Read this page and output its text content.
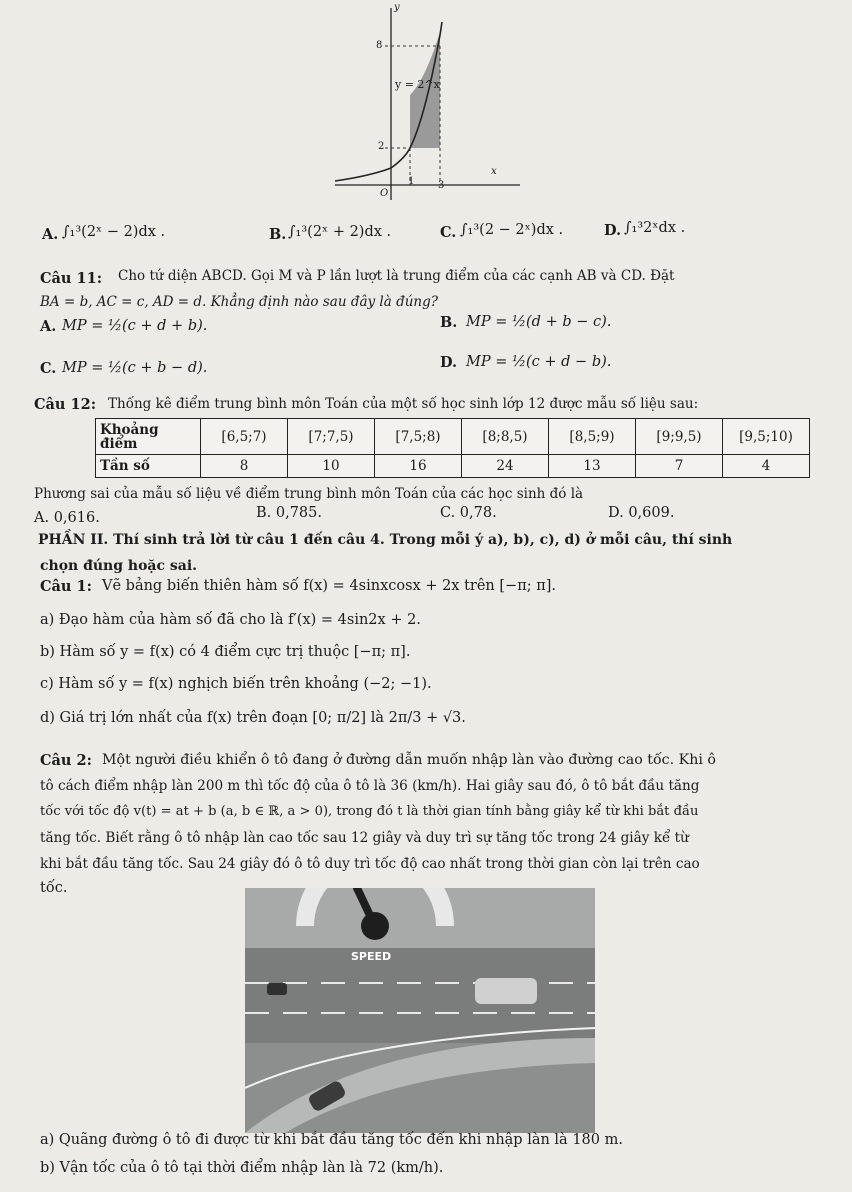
y
8
y = 2^x
2
x
O
1 3
A. ∫₁³(2ˣ − 2)dx .	B. ∫₁³(2ˣ + 2)dx .	C. ∫₁³(2 − 2ˣ)dx .	D. ∫₁³2ˣdx .
Câu 11: Cho tứ diện ABCD. Gọi M và P lần lượt là trung điểm của các cạnh AB và CD. Đặt
BA = b, AC = c, AD = d. Khẳng định nào sau đây là đúng?
A. MP = ½(c + d + b).	B. MP = ½(d + b − c).
C. MP = ½(c + b − d).	D. MP = ½(c + d − b).
Câu 12: Thống kê điểm trung bình môn Toán của một số học sinh lớp 12 được mẫu số liệu sau:
Khoảng điểm	[6,5;7)	[7;7,5)	[7,5;8)	[8;8,5)	[8,5;9)	[9;9,5)	[9,5;10)
Tần số	8	10	16	24	13	7	4
Phương sai của mẫu số liệu về điểm trung bình môn Toán của các học sinh đó là
A. 0,616.	B. 0,785.	C. 0,78.	D. 0,609.
PHẦN II. Thí sinh trả lời từ câu 1 đến câu 4. Trong mỗi ý a), b), c), d) ở mỗi câu, thí sinh
chọn đúng hoặc sai.
Câu 1: Vẽ bảng biến thiên hàm số f(x) = 4sinxcosx + 2x trên [−π; π].
a) Đạo hàm của hàm số đã cho là f′(x) = 4sin2x + 2.
b) Hàm số y = f(x) có 4 điểm cực trị thuộc [−π; π].
c) Hàm số y = f(x) nghịch biến trên khoảng (−2; −1).
d) Giá trị lớn nhất của f(x) trên đoạn [0; π/2] là 2π/3 + √3.
Câu 2: Một người điều khiển ô tô đang ở đường dẫn muốn nhập làn vào đường cao tốc. Khi ô
tô cách điểm nhập làn 200 m thì tốc độ của ô tô là 36 (km/h). Hai giây sau đó, ô tô bắt đầu tăng
tốc với tốc độ v(t) = at + b (a, b ∈ ℝ, a > 0), trong đó t là thời gian tính bằng giây kể từ khi bắt đầu
tăng tốc. Biết rằng ô tô nhập làn cao tốc sau 12 giây và duy trì sự tăng tốc trong 24 giây kể từ
khi bắt đầu tăng tốc. Sau 24 giây đó ô tô duy trì tốc độ cao nhất trong thời gian còn lại trên cao
tốc.
SPEED
a) Quãng đường ô tô đi được từ khi bắt đầu tăng tốc đến khi nhập làn là 180 m.
b) Vận tốc của ô tô tại thời điểm nhập làn là 72 (km/h).
